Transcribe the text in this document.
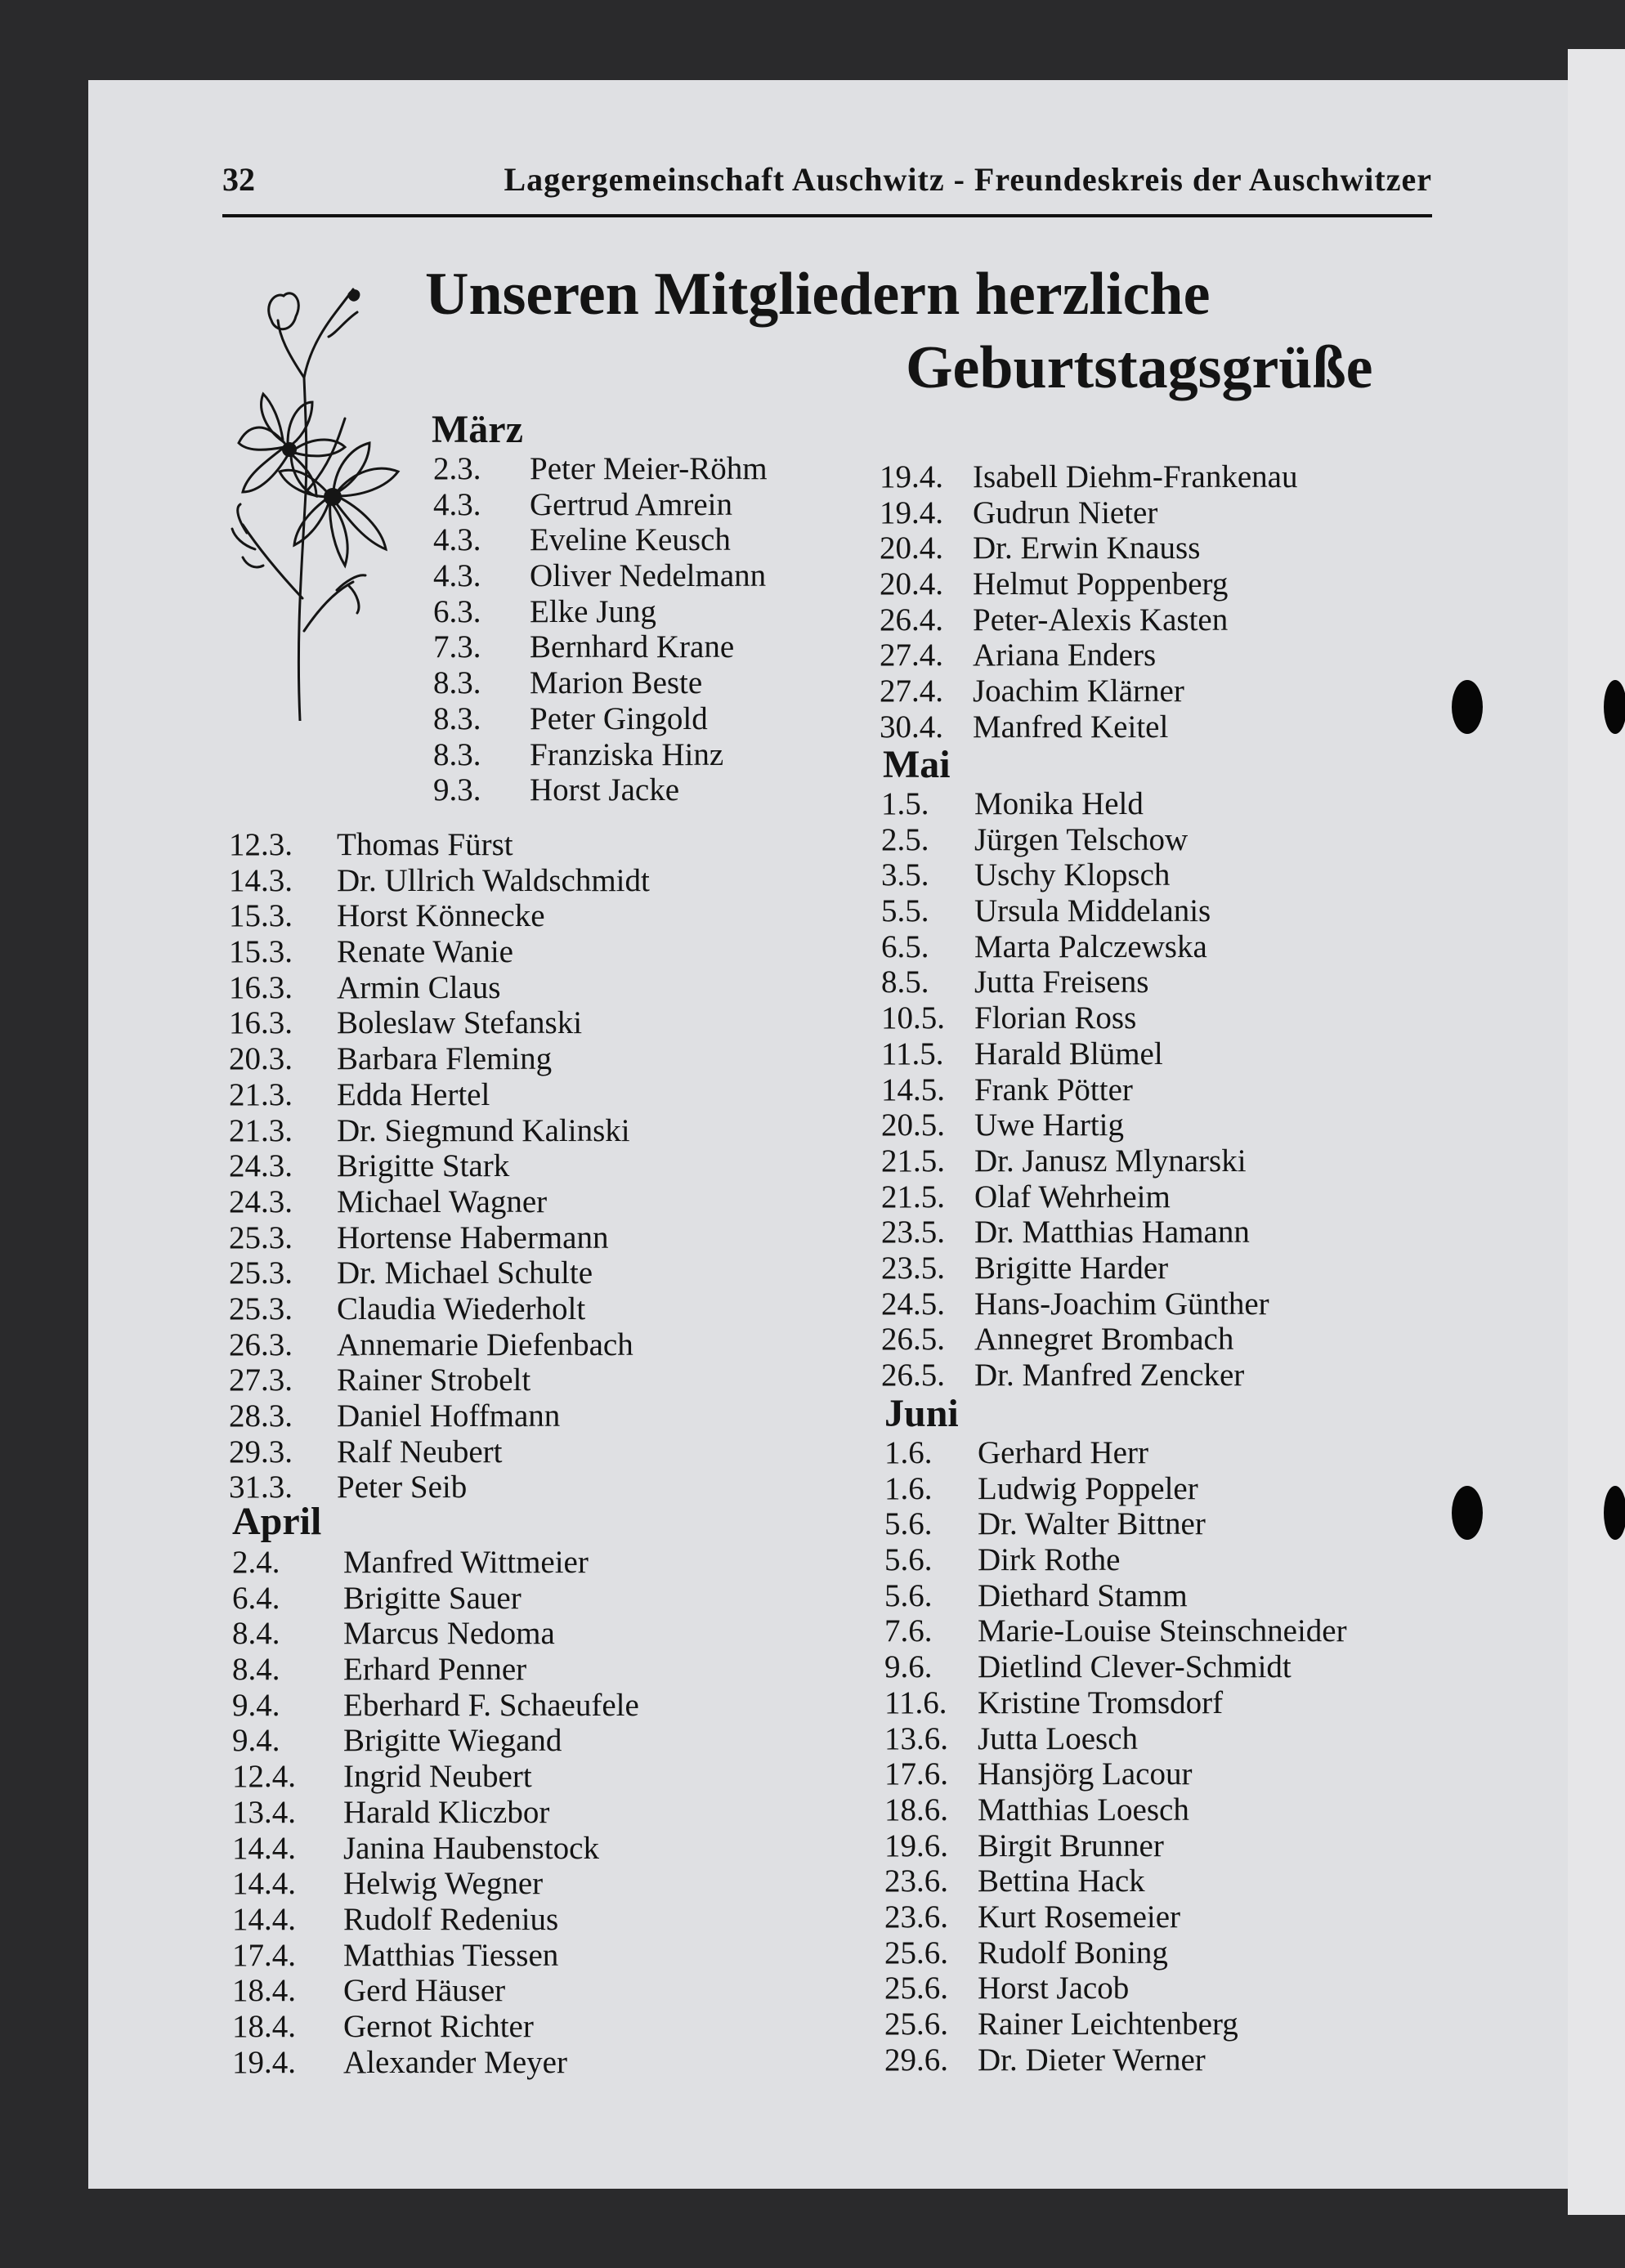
32	Lagergemeinschaft Auschwitz - Freundeskreis der Auschwitzer
Unseren Mitgliedern herzliche
Geburtstagsgrüße
März
2.3. Peter Meier-Röhm
4.3. Gertrud Amrein
4.3. Eveline Keusch
4.3. Oliver Nedelmann
6.3. Elke Jung
7.3. Bernhard Krane
8.3. Marion Beste
8.3. Peter Gingold
8.3. Franziska Hinz
9.3. Horst Jacke
12.3. Thomas Fürst
14.3. Dr. Ullrich Waldschmidt
15.3. Horst Könnecke
15.3. Renate Wanie
16.3. Armin Claus
16.3. Boleslaw Stefanski
20.3. Barbara Fleming
21.3. Edda Hertel
21.3. Dr. Siegmund Kalinski
24.3. Brigitte Stark
24.3. Michael Wagner
25.3. Hortense Habermann
25.3. Dr. Michael Schulte
25.3. Claudia Wiederholt
26.3. Annemarie Diefenbach
27.3. Rainer Strobelt
28.3. Daniel Hoffmann
29.3. Ralf Neubert
31.3. Peter Seib
April
2.4. Manfred Wittmeier
6.4. Brigitte Sauer
8.4. Marcus Nedoma
8.4. Erhard Penner
9.4. Eberhard F. Schaeufele
9.4. Brigitte Wiegand
12.4. Ingrid Neubert
13.4. Harald Kliczbor
14.4. Janina Haubenstock
14.4. Helwig Wegner
14.4. Rudolf Redenius
17.4. Matthias Tiessen
18.4. Gerd Häuser
18.4. Gernot Richter
19.4. Alexander Meyer
19.4. Isabell Diehm-Frankenau
19.4. Gudrun Nieter
20.4. Dr. Erwin Knauss
20.4. Helmut Poppenberg
26.4. Peter-Alexis Kasten
27.4. Ariana Enders
27.4. Joachim Klärner
30.4. Manfred Keitel
Mai
1.5. Monika Held
2.5. Jürgen Telschow
3.5. Uschy Klopsch
5.5. Ursula Middelanis
6.5. Marta Palczewska
8.5. Jutta Freisens
10.5. Florian Ross
11.5. Harald Blümel
14.5. Frank Pötter
20.5. Uwe Hartig
21.5. Dr. Janusz Mlynarski
21.5. Olaf Wehrheim
23.5. Dr. Matthias Hamann
23.5. Brigitte Harder
24.5. Hans-Joachim Günther
26.5. Annegret Brombach
26.5. Dr. Manfred Zencker
Juni
1.6. Gerhard Herr
1.6. Ludwig Poppeler
5.6. Dr. Walter Bittner
5.6. Dirk Rothe
5.6. Diethard Stamm
7.6. Marie-Louise Steinschneider
9.6. Dietlind Clever-Schmidt
11.6. Kristine Tromsdorf
13.6. Jutta Loesch
17.6. Hansjörg Lacour
18.6. Matthias Loesch
19.6. Birgit Brunner
23.6. Bettina Hack
23.6. Kurt Rosemeier
25.6. Rudolf Boning
25.6. Horst Jacob
25.6. Rainer Leichtenberg
29.6. Dr. Dieter Werner
